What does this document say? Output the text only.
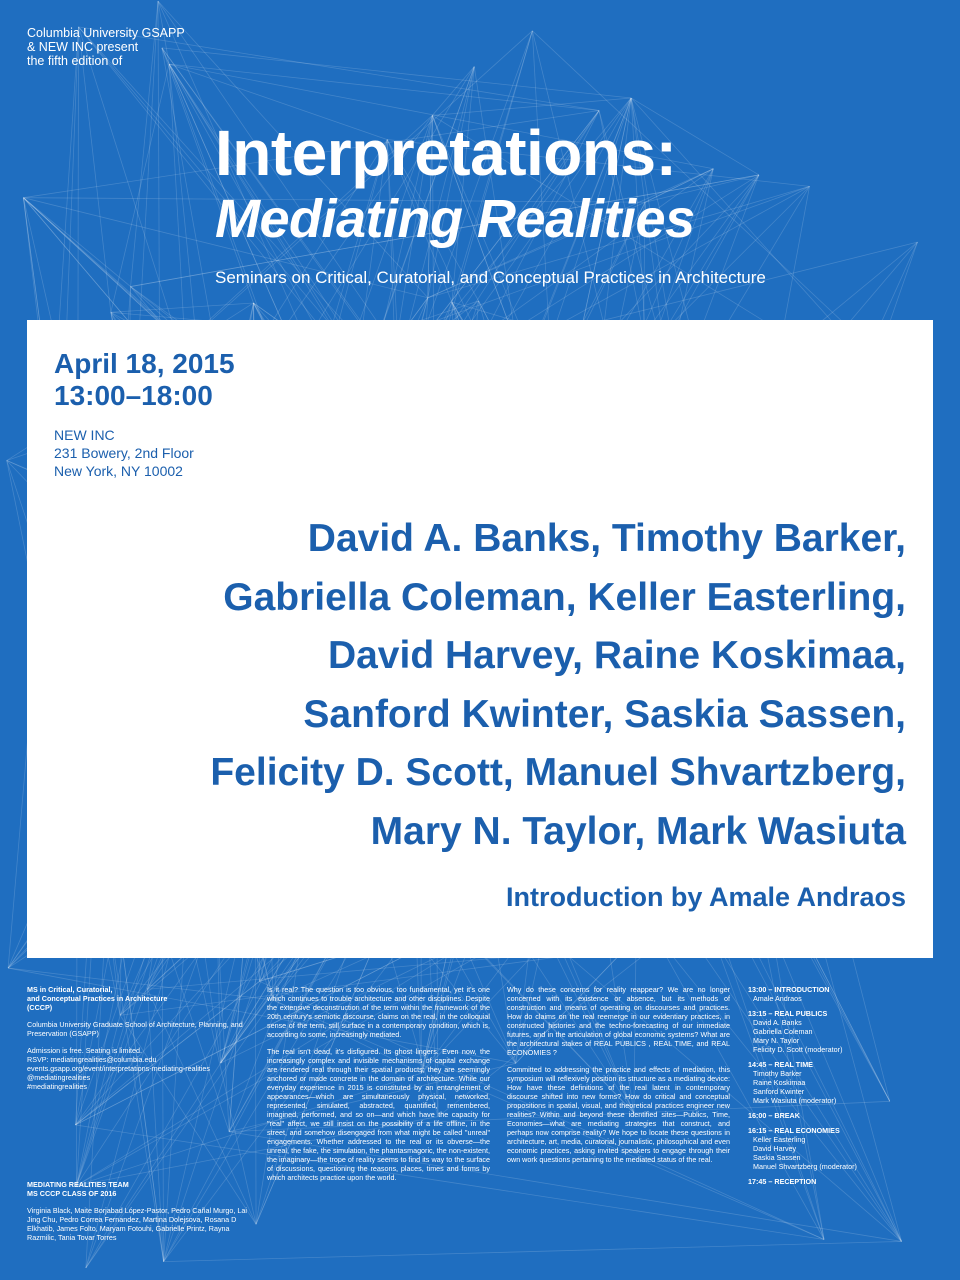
Columbia University GSAPP
& NEW INC present
the fifth edition of
Interpretations:
Mediating Realities
Seminars on Critical, Curatorial, and Conceptual Practices in Architecture
April 18, 2015
13:00–18:00
NEW INC
231 Bowery, 2nd Floor
New York, NY 10002
David A. Banks, Timothy Barker,
Gabriella Coleman, Keller Easterling,
David Harvey, Raine Koskimaa,
Sanford Kwinter, Saskia Sassen,
Felicity D. Scott, Manuel Shvartzberg,
Mary N. Taylor, Mark Wasiuta
Introduction by Amale Andraos
MS in Critical, Curatorial,
and Conceptual Practices in Architecture
(CCCP)
Columbia University Graduate School of Architecture, Planning, and Preservation (GSAPP)
Admission is free. Seating is limited.
RSVP: mediatingrealities@columbia.edu
events.gsapp.org/event/interpretations-mediating-realities
@mediatingrealities
#mediatingrealities
MEDIATING REALITIES TEAM
MS CCCP CLASS OF 2016
Virginia Black, Maite Borjabad López-Pastor, Pedro Cañal Murgo, Lai Jing Chu, Pedro Correa Fernandez, Martina Dolejsova, Rosana D Elkhatib, James Folto, Maryam Fotouhi, Gabrielle Printz, Rayna Razmilic, Tania Tovar Torres
Is it real? The question is too obvious, too fundamental, yet it's one which continues to trouble architecture and other disciplines. Despite the extensive deconstruction of the term within the framework of the 20th century's semiotic discourse, claims on the real, in the colloquial sense of the term, still surface in a contemporary condition, which is, according to some, increasingly mediated.
The real isn't dead, it's disfigured. Its ghost lingers. Even now, the increasingly complex and invisible mechanisms of capital exchange are rendered real through their spatial products; they are seemingly anchored or made concrete in the domain of architecture. While our everyday experience in 2015 is constituted by an entanglement of appearances—which are simultaneously physical, networked, represented, simulated, abstracted, quantified, remembered, imagined, performed, and so on—and which have the capacity for "real" affect, we still insist on the possibility of a life offline, in the street, and somehow disengaged from what might be called "unreal" engagements. Whether addressed to the real or its obverse—the unreal, the fake, the simulation, the phantasmagoric, the non-existent, the imaginary—the trope of reality seems to find its way to the surface of discussions, questioning the reasons, places, times and forms by which architects practice upon the world.
Why do these concerns for reality reappear? We are no longer concerned with its existence or absence, but its methods of construction and means of operating on discourses and practices. How do claims on the real reemerge in our evidentiary practices, in constructed histories and the techno-forecasting of our immediate futures, and in the articulation of global economic systems? What are the architectural stakes of REAL PUBLICS , REAL TIME, and REAL ECONOMIES ?
Committed to addressing the practice and effects of mediation, this symposium will reflexively position its structure as a mediating device: How have these definitions of the real latent in contemporary discourse shifted into new forms? How do critical and conceptual propositions in spatial, visual, and theoretical practices engineer new realities? Within and beyond these identified sites—Publics, Time, Economies—what are mediating strategies that construct, and perhaps now comprise reality? We hope to locate these questions in architecture, art, media, curatorial, journalistic, philosophical and even economic practices, asking invited speakers to engage through their own work questions pertaining to the mediated status of the real.
13:00 – INTRODUCTION
Amale Andraos
13:15 – REAL PUBLICS
David A. Banks
Gabriella Coleman
Mary N. Taylor
Felicity D. Scott (moderator)
14:45 – REAL TIME
Timothy Barker
Raine Koskimaa
Sanford Kwinter
Mark Wasiuta (moderator)
16:00 – BREAK
16:15 – REAL ECONOMIES
Keller Easterling
David Harvey
Saskia Sassen
Manuel Shvartzberg (moderator)
17:45 – RECEPTION
